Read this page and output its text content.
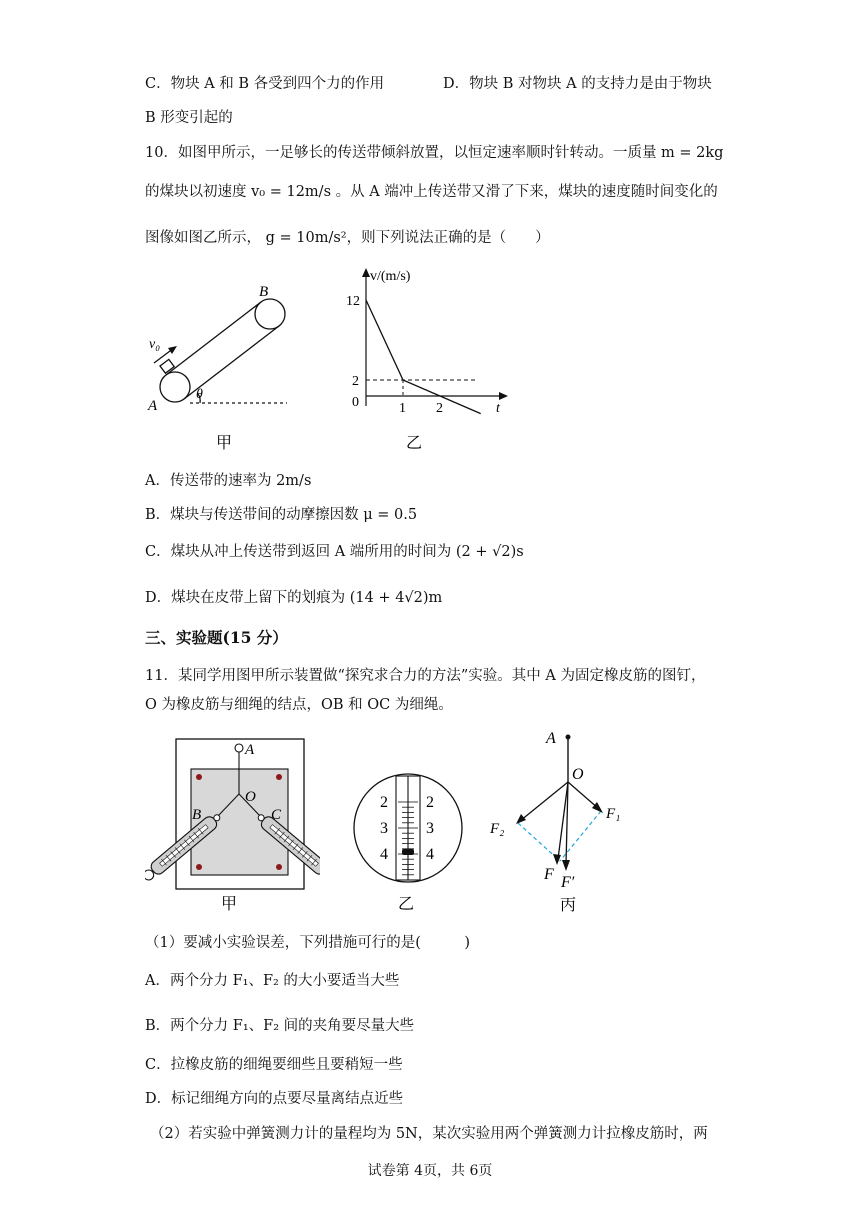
C．物块 A 和 B 各受到四个力的作用	D．物块 B 对物块 A 的支持力是由于物块
B 形变引起的
10．如图甲所示，一足够长的传送带倾斜放置，以恒定速率顺时针转动。一质量 m = 2kg
的煤块以初速度 v₀ = 12m/s 。从 A 端冲上传送带又滑了下来，煤块的速度随时间变化的
图像如图乙所示， g = 10m/s²，则下列说法正确的是（　　）
B
A
v₀
θ
甲
0
2
12
1 2
v/(m/s)
t
乙
A．传送带的速率为 2m/s
B．煤块与传送带间的动摩擦因数 μ = 0.5
C．煤块从冲上传送带到返回 A 端所用的时间为 (2 + √2)s
D．煤块在皮带上留下的划痕为 (14 + 4√2)m
三、实验题(15 分）
11．某同学用图甲所示装置做“探究求合力的方法”实验。其中 A 为固定橡皮筋的图钉，
O 为橡皮筋与细绳的结点，OB 和 OC 为细绳。
A
O
B	C
甲
2
3
4
2
3
4
乙
A
O
F₁
F₂
F F′
丙
（1）要减小实验误差，下列措施可行的是(　　　)
A．两个分力 F₁、F₂ 的大小要适当大些
B．两个分力 F₁、F₂ 间的夹角要尽量大些
C．拉橡皮筋的细绳要细些且要稍短一些
D．标记细绳方向的点要尽量离结点近些
（2）若实验中弹簧测力计的量程均为 5N，某次实验用两个弹簧测力计拉橡皮筋时，两
试卷第 4页，共 6页
